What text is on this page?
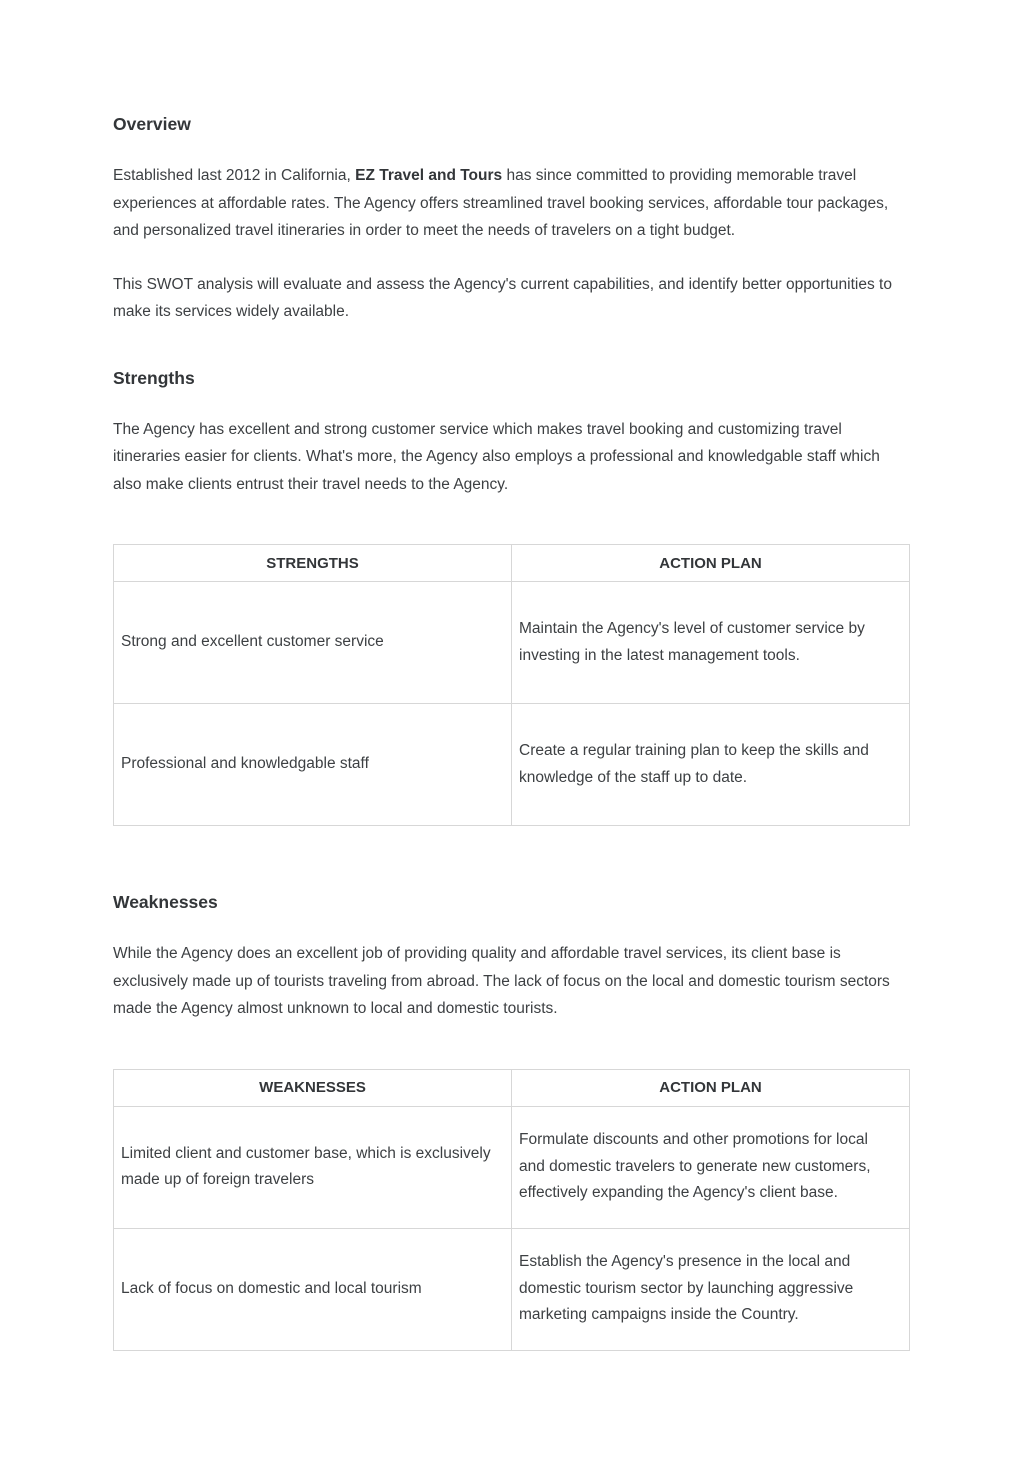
Overview

Established last 2012 in California, EZ Travel and Tours has since committed to providing memorable travel experiences at affordable rates. The Agency offers streamlined travel booking services, affordable tour packages, and personalized travel itineraries in order to meet the needs of travelers on a tight budget.

This SWOT analysis will evaluate and assess the Agency's current capabilities, and identify better opportunities to make its services widely available.

Strengths

The Agency has excellent and strong customer service which makes travel booking and customizing travel itineraries easier for clients. What's more, the Agency also employs a professional and knowledgable staff which also make clients entrust their travel needs to the Agency.

STRENGTHS	ACTION PLAN
Strong and excellent customer service	Maintain the Agency's level of customer service by investing in the latest management tools.
Professional and knowledgable staff	Create a regular training plan to keep the skills and knowledge of the staff up to date.
Weaknesses

While the Agency does an excellent job of providing quality and affordable travel services, its client base is exclusively made up of tourists traveling from abroad. The lack of focus on the local and domestic tourism sectors made the Agency almost unknown to local and domestic tourists.

WEAKNESSES	ACTION PLAN
Limited client and customer base, which is exclusively made up of foreign travelers	Formulate discounts and other promotions for local and domestic travelers to generate new customers, effectively expanding the Agency's client base.
Lack of focus on domestic and local tourism	Establish the Agency's presence in the local and domestic tourism sector by launching aggressive marketing campaigns inside the Country.
